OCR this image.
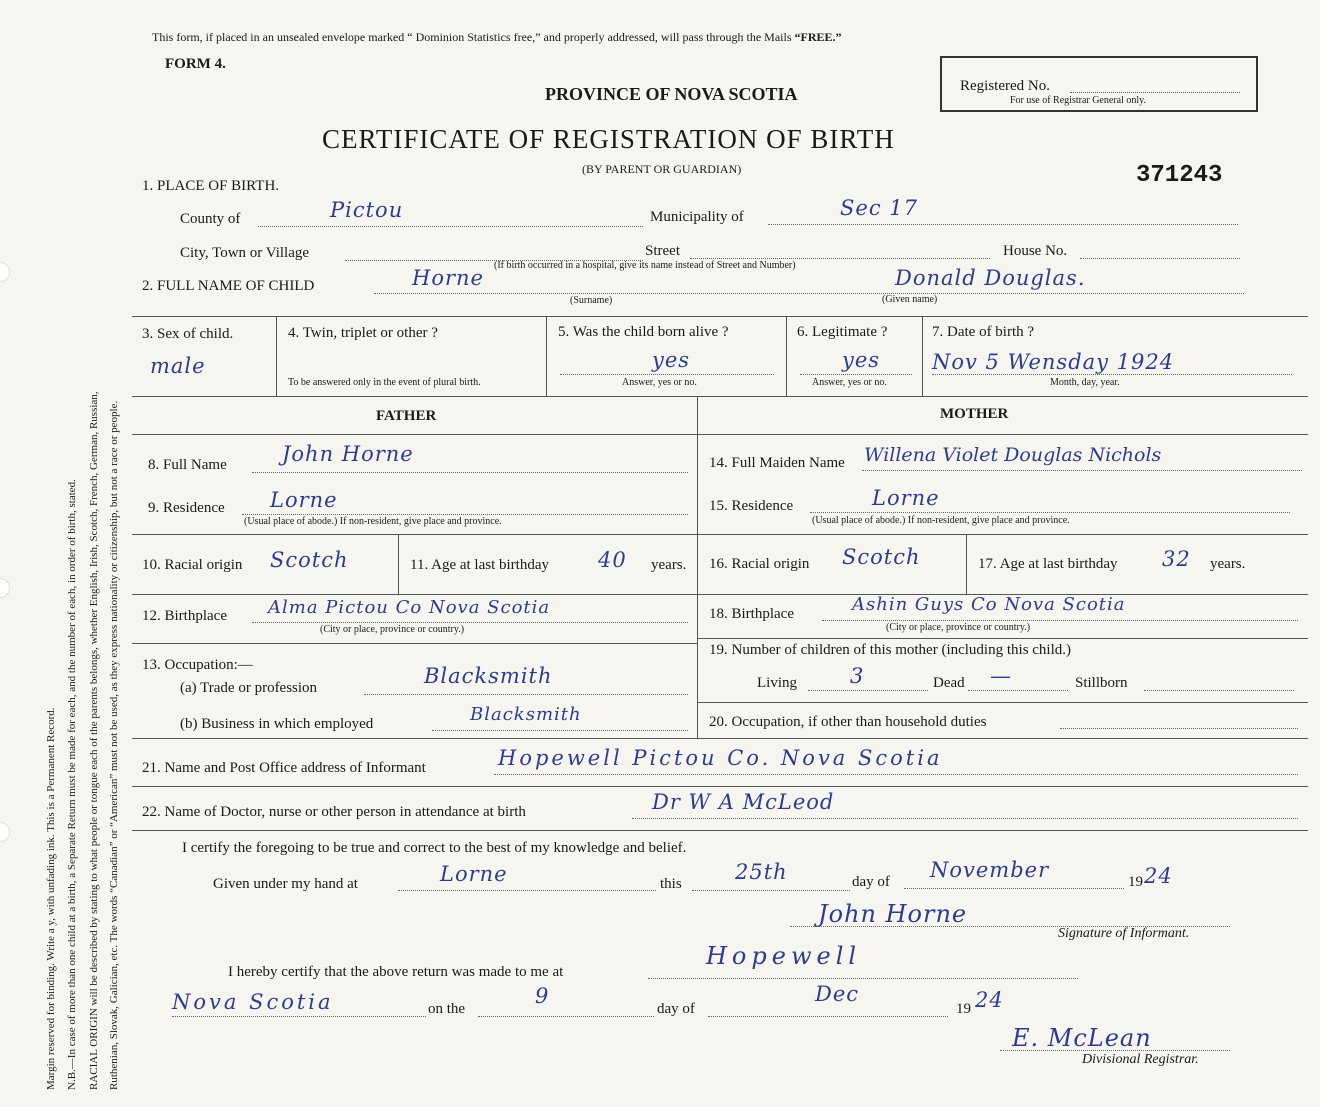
Margin reserved for binding. Write a y, with unfading ink. This is a Permanent Record. N.B.—In case of more than one child at a birth, a Separate Return must be made for each, and the number of each, in order of birth, stated. RACIAL ORIGIN will be described by stating to what people or tongue each of the parents belongs, whether English, Irish, Scotch, French, German, Russian, Ruthenian, Slovak, Galician, etc. The words “Canadian” or “American” must not be used, as they express nationality or citizenship, but not a race or people.
This form, if placed in an unsealed envelope marked “ Dominion Statistics free,” and properly addressed, will pass through the Mails “FREE.”
FORM 4.
PROVINCE OF NOVA SCOTIA
CERTIFICATE OF REGISTRATION OF BIRTH
(BY PARENT OR GUARDIAN)
Registered No.
For use of Registrar General only.
371243
1. PLACE OF BIRTH.
County of	Pictou	Municipality of	Sec 17
City, Town or Village	Street	House No.
(If birth occurred in a hospital, give its name instead of Street and Number)
2. FULL NAME OF CHILD	Horne
(Surname)
Donald Douglas.
(Given name)
3. Sex of child.
male
4. Twin, triplet or other ?
To be answered only in the event of plural birth.
5. Was the child born alive ?
yes
Answer, yes or no.
6. Legitimate ?
yes
Answer, yes or no.
7. Date of birth ?
Nov 5 Wensday 1924
Month, day, year.
FATHER	MOTHER
8. Full Name	John Horne
9. Residence Lorne
(Usual place of abode.) If non-resident, give place and province.
10. Racial origin Scotch	11. Age at last birthday 40 years.
12. Birthplace Alma Pictou Co Nova Scotia
(City or place, province or country.)
13. Occupation:—
(a) Trade or profession	Blacksmith
(b) Business in which employed	Blacksmith
14. Full Maiden Name Willena Violet Douglas Nichols
15. Residence	Lorne
(Usual place of abode.) If non-resident, give place and province.
16. Racial origin Scotch	17. Age at last birthday 32 years.
18. Birthplace	Ashin Guys Co Nova Scotia
(City or place, province or country.)
19. Number of children of this mother (including this child.)
Living	3	Dead —	Stillborn
20. Occupation, if other than household duties
21. Name and Post Office address of Informant	Hopewell Pictou Co. Nova Scotia
22. Name of Doctor, nurse or other person in attendance at birth	Dr W A McLeod
I certify the foregoing to be true and correct to the best of my knowledge and belief.
Given under my hand at	Lorne	this	25th	day of November	19 24
John Horne
Signature of Informant.
I hereby certify that the above return was made to me at
Hopewell
Nova Scotia	on the
9
day of
Dec
19 24
E. McLean
Divisional Registrar.
